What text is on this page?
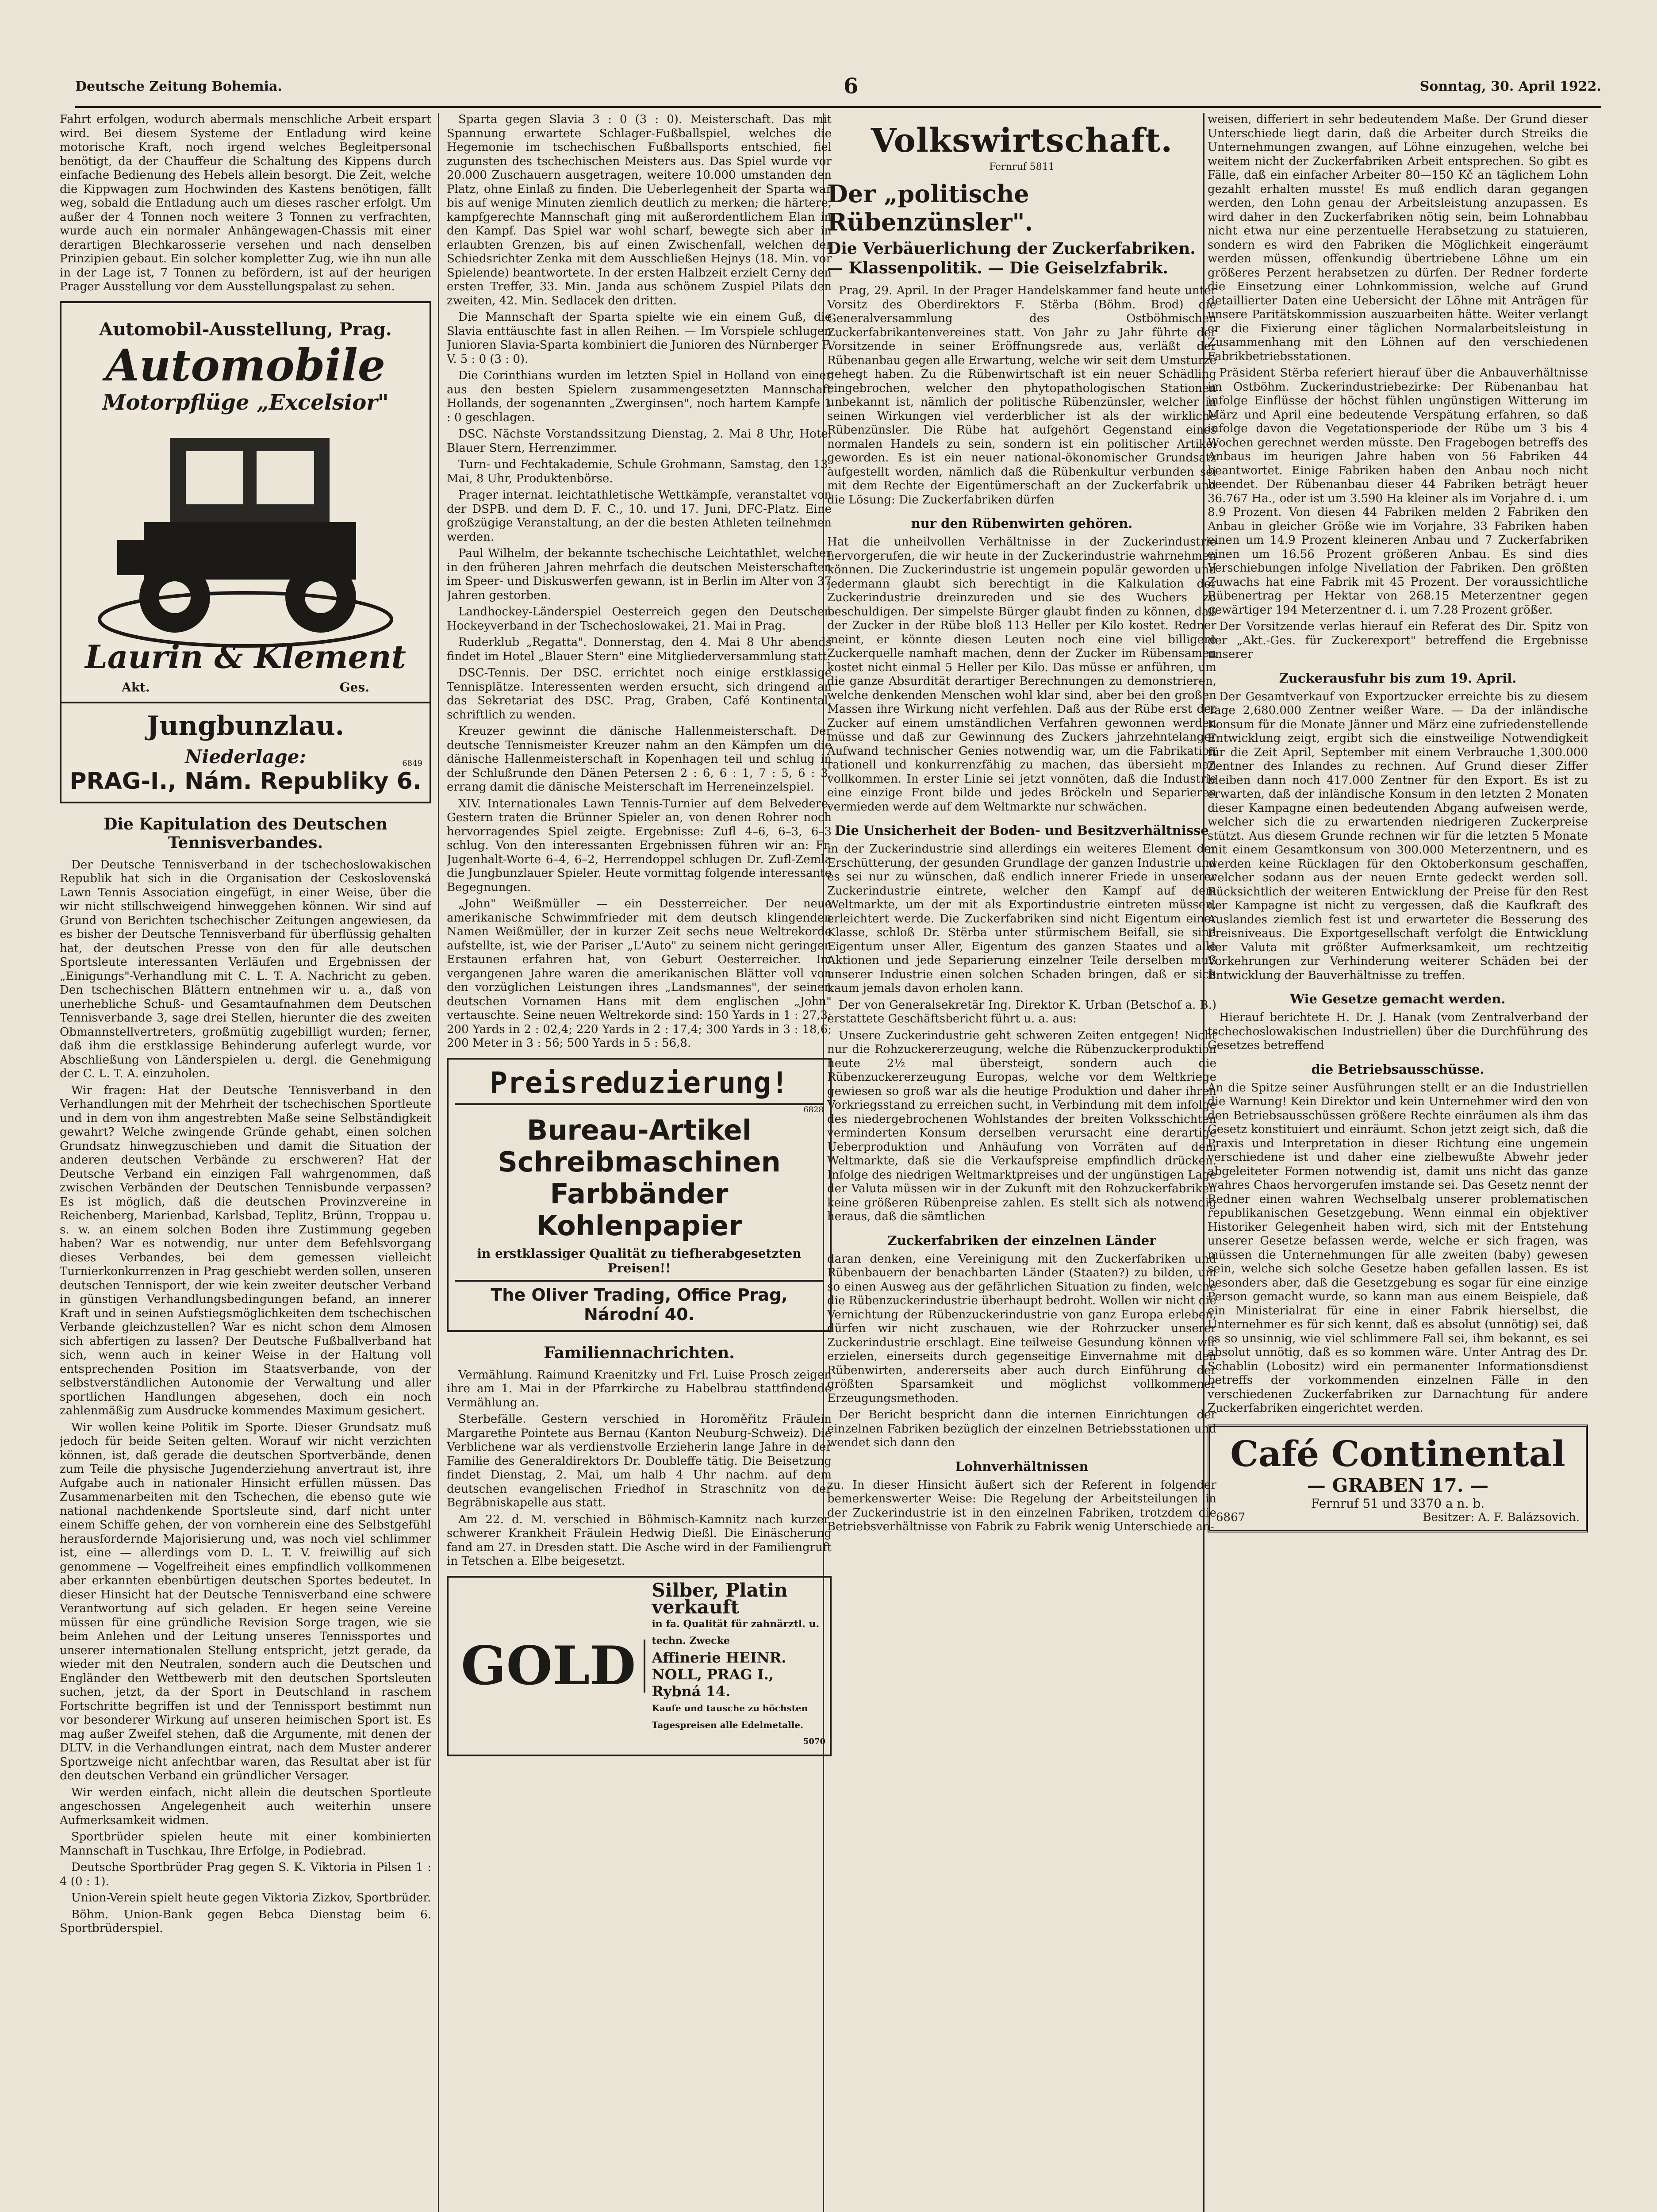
Deutsche Zeitung Bohemia.	6	Sonntag, 30. April 1922.

Fahrt erfolgen, wodurch abermals menschliche Arbeit erspart wird. Bei diesem Systeme der Entladung wird keine motorische Kraft, noch irgend welches Begleitpersonal benötigt, da der Chauffeur die Schaltung des Kippens durch einfache Bedienung des Hebels allein besorgt. Die Zeit, welche die Kippwagen zum Hochwinden des Kastens benötigen, fällt weg, sobald die Entladung auch um dieses rascher erfolgt. Um außer der 4 Tonnen noch weitere 3 Tonnen zu verfrachten, wurde auch ein normaler Anhängewagen-Chassis mit einer derartigen Blechkarosserie versehen und nach denselben Prinzipien gebaut. Ein solcher kompletter Zug, wie ihn nun alle in der Lage ist, 7 Tonnen zu befördern, ist auf der heurigen Prager Ausstellung vor dem Ausstellungspalast zu sehen.

Automobil-Ausstellung, Prag.
Automobile
Motorpflüge „Excelsior"
Laurin & Klement
Akt.	Ges.
Jungbunzlau.
Niederlage:	6849
PRAG-I., Nám. Republiky 6.
Die Kapitulation des Deutschen Tennisverbandes.

Der Deutsche Tennisverband in der tschechoslowakischen Republik hat sich in die Organisation der Ceskoslovenská Lawn Tennis Association eingefügt, in einer Weise, über die wir nicht stillschweigend hinweggehen können. Wir sind auf Grund von Berichten tschechischer Zeitungen angewiesen, da es bisher der Deutsche Tennisverband für überflüssig gehalten hat, der deutschen Presse von den für alle deutschen Sportsleute interessanten Verläufen und Ergebnissen der „Einigungs"-Verhandlung mit C. L. T. A. Nachricht zu geben. Den tschechischen Blättern entnehmen wir u. a., daß von unerhebliche Schuß- und Gesamtaufnahmen dem Deutschen Tennisverbande 3, sage drei Stellen, hierunter die des zweiten Obmannstellvertreters, großmütig zugebilligt wurden; ferner, daß ihm die erstklassige Behinderung auferlegt wurde, vor Abschließung von Länderspielen u. dergl. die Genehmigung der C. L. T. A. einzuholen.

Wir fragen: Hat der Deutsche Tennisverband in den Verhandlungen mit der Mehrheit der tschechischen Sportleute und in dem von ihm angestrebten Maße seine Selbständigkeit gewahrt? Welche zwingende Gründe gehabt, einen solchen Grundsatz hinwegzuschieben und damit die Situation der anderen deutschen Verbände zu erschweren? Hat der Deutsche Verband ein einzigen Fall wahrgenommen, daß zwischen Verbänden der Deutschen Tennisbunde verpassen? Es ist möglich, daß die deutschen Provinzvereine in Reichenberg, Marienbad, Karlsbad, Teplitz, Brünn, Troppau u. s. w. an einem solchen Boden ihre Zustimmung gegeben haben? War es notwendig, nur unter dem Befehlsvorgang dieses Verbandes, bei dem gemessen vielleicht Turnierkonkurrenzen in Prag geschiebt werden sollen, unseren deutschen Tennisport, der wie kein zweiter deutscher Verband in günstigen Verhandlungsbedingungen befand, an innerer Kraft und in seinen Aufstiegsmöglichkeiten dem tschechischen Verbande gleichzustellen? War es nicht schon dem Almosen sich abfertigen zu lassen? Der Deutsche Fußballverband hat sich, wenn auch in keiner Weise in der Haltung voll entsprechenden Position im Staatsverbande, von der selbstverständlichen Autonomie der Verwaltung und aller sportlichen Handlungen abgesehen, doch ein noch zahlenmäßig zum Ausdrucke kommendes Maximum gesichert.

Wir wollen keine Politik im Sporte. Dieser Grundsatz muß jedoch für beide Seiten gelten. Worauf wir nicht verzichten können, ist, daß gerade die deutschen Sportverbände, denen zum Teile die physische Jugenderziehung anvertraut ist, ihre Aufgabe auch in nationaler Hinsicht erfüllen müssen. Das Zusammenarbeiten mit den Tschechen, die ebenso gute wie national nachdenkende Sportsleute sind, darf nicht unter einem Schiffe gehen, der von vornherein eine des Selbstgefühl herausfordernde Majorisierung und, was noch viel schlimmer ist, eine — allerdings vom D. L. T. V. freiwillig auf sich genommene — Vogelfreiheit eines empfindlich vollkommenen aber erkannten ebenbürtigen deutschen Sportes bedeutet. In dieser Hinsicht hat der Deutsche Tennisverband eine schwere Verantwortung auf sich geladen. Er hegen seine Vereine müssen für eine gründliche Revision Sorge tragen, wie sie beim Anlehen und der Leitung unseres Tennissportes und unserer internationalen Stellung entspricht, jetzt gerade, da wieder mit den Neutralen, sondern auch die Deutschen und Engländer den Wettbewerb mit den deutschen Sportsleuten suchen, jetzt, da der Sport in Deutschland in raschem Fortschritte begriffen ist und der Tennissport bestimmt nun vor besonderer Wirkung auf unseren heimischen Sport ist. Es mag außer Zweifel stehen, daß die Argumente, mit denen der DLTV. in die Verhandlungen eintrat, nach dem Muster anderer Sportzweige nicht anfechtbar waren, das Resultat aber ist für den deutschen Verband ein gründlicher Versager.

Wir werden einfach, nicht allein die deutschen Sportleute angeschossen Angelegenheit auch weiterhin unsere Aufmerksamkeit widmen.

Sportbrüder spielen heute mit einer kombinierten Mannschaft in Tuschkau, Ihre Erfolge, in Podiebrad.

Deutsche Sportbrüder Prag gegen S. K. Viktoria in Pilsen 1 : 4 (0 : 1).

Union-Verein spielt heute gegen Viktoria Zizkov, Sportbrüder.

Böhm. Union-Bank gegen Bebca Dienstag beim 6. Sportbrüderspiel.

Sparta gegen Slavia 3 : 0 (3 : 0). Meisterschaft. Das mit Spannung erwartete Schlager-Fußballspiel, welches die Hegemonie im tschechischen Fußballsports entschied, fiel zugunsten des tschechischen Meisters aus. Das Spiel wurde vor 20.000 Zuschauern ausgetragen, weitere 10.000 umstanden den Platz, ohne Einlaß zu finden. Die Ueberlegenheit der Sparta war bis auf wenige Minuten ziemlich deutlich zu merken; die härtere, kampfgerechte Mannschaft ging mit außerordentlichem Elan in den Kampf. Das Spiel war wohl scharf, bewegte sich aber in erlaubten Grenzen, bis auf einen Zwischenfall, welchen der Schiedsrichter Zenka mit dem Ausschließen Hejnys (18. Min. vor Spielende) beantwortete. In der ersten Halbzeit erzielt Cerny den ersten Treffer, 33. Min. Janda aus schönem Zuspiel Pilats den zweiten, 42. Min. Sedlacek den dritten.

Die Mannschaft der Sparta spielte wie ein einem Guß, die Slavia enttäuschte fast in allen Reihen. — Im Vorspiele schlugen Junioren Slavia-Sparta kombiniert die Junioren des Nürnberger F. V. 5 : 0 (3 : 0).

Die Corinthians wurden im letzten Spiel in Holland von einer aus den besten Spielern zusammengesetzten Mannschaft Hollands, der sogenannten „Zwerginsen", noch hartem Kampfe 1 : 0 geschlagen.

DSC. Nächste Vorstandssitzung Dienstag, 2. Mai 8 Uhr, Hotel Blauer Stern, Herrenzimmer.

Turn- und Fechtakademie, Schule Grohmann, Samstag, den 13. Mai, 8 Uhr, Produktenbörse.

Prager internat. leichtathletische Wettkämpfe, veranstaltet von der DSPB. und dem D. F. C., 10. und 17. Juni, DFC-Platz. Eine großzügige Veranstaltung, an der die besten Athleten teilnehmen werden.

Paul Wilhelm, der bekannte tschechische Leichtathlet, welcher in den früheren Jahren mehrfach die deutschen Meisterschaften im Speer- und Diskuswerfen gewann, ist in Berlin im Alter von 37 Jahren gestorben.

Landhockey-Länderspiel Oesterreich gegen den Deutschen Hockeyverband in der Tschechoslowakei, 21. Mai in Prag.

Ruderklub „Regatta". Donnerstag, den 4. Mai 8 Uhr abends findet im Hotel „Blauer Stern" eine Mitgliederversammlung statt.

DSC-Tennis. Der DSC. errichtet noch einige erstklassige Tennisplätze. Interessenten werden ersucht, sich dringend an das Sekretariat des DSC. Prag, Graben, Café Kontinental, schriftlich zu wenden.

Kreuzer gewinnt die dänische Hallenmeisterschaft. Der deutsche Tennismeister Kreuzer nahm an den Kämpfen um die dänische Hallenmeisterschaft in Kopenhagen teil und schlug in der Schlußrunde den Dänen Petersen 2 : 6, 6 : 1, 7 : 5, 6 : 3, errang damit die dänische Meisterschaft im Herreneinzelspiel.

XIV. Internationales Lawn Tennis-Turnier auf dem Belvedere. Gestern traten die Brünner Spieler an, von denen Rohrer noch hervorragendes Spiel zeigte. Ergebnisse: Zufl 4–6, 6–3, 6–3 schlug. Von den interessanten Ergebnissen führen wir an: Fr. Jugenhalt-Worte 6–4, 6–2, Herrendoppel schlugen Dr. Zufl-Zemla die Jungbunzlauer Spieler. Heute vormittag folgende interessante Begegnungen.

„John" Weißmüller — ein Dessterreicher. Der neue amerikanische Schwimmfrieder mit dem deutsch klingenden Namen Weißmüller, der in kurzer Zeit sechs neue Weltrekorde aufstellte, ist, wie der Pariser „L'Auto" zu seinem nicht geringen Erstaunen erfahren hat, von Geburt Oesterreicher. Im vergangenen Jahre waren die amerikanischen Blätter voll von den vorzüglichen Leistungen ihres „Landsmannes", der seinen deutschen Vornamen Hans mit dem englischen „John" vertauschte. Seine neuen Weltrekorde sind: 150 Yards in 1 : 27,3; 200 Yards in 2 : 02,4; 220 Yards in 2 : 17,4; 300 Yards in 3 : 18,6; 200 Meter in 3 : 56; 500 Yards in 5 : 56,8.

Preisreduzierung!
6828
Bureau-Artikel
Schreibmaschinen
Farbbänder
Kohlenpapier
in erstklassiger Qualität zu tiefherabgesetzten Preisen!!
The Oliver Trading, Office Prag, Národní 40.
Familiennachrichten.

Vermählung. Raimund Kraenitzky und Frl. Luise Prosch zeigen ihre am 1. Mai in der Pfarrkirche zu Habelbrau stattfindende Vermählung an.

Sterbefälle. Gestern verschied in Horoměřitz Fräulein Margarethe Pointete aus Bernau (Kanton Neuburg-Schweiz). Die Verblichene war als verdienstvolle Erzieherin lange Jahre in der Familie des Generaldirektors Dr. Doubleffe tätig. Die Beisetzung findet Dienstag, 2. Mai, um halb 4 Uhr nachm. auf dem deutschen evangelischen Friedhof in Straschnitz von der Begräbniskapelle aus statt.

Am 22. d. M. verschied in Böhmisch-Kamnitz nach kurzer, schwerer Krankheit Fräulein Hedwig Dießl. Die Einäscherung fand am 27. in Dresden statt. Die Asche wird in der Familiengruft in Tetschen a. Elbe beigesetzt.

GOLD
Silber, Platin verkauft
in fa. Qualität für zahnärztl. u. techn. Zwecke
Affinerie HEINR. NOLL, PRAG I., Rybná 14.
Kaufe und tausche zu höchsten Tagespreisen alle Edelmetalle.
5070
Volkswirtschaft.
Fernruf 5811
Der „politische Rübenzünsler".
Die Verbäuerlichung der Zuckerfabriken. — Klassenpolitik. — Die Geiselzfabrik.

Prag, 29. April. In der Prager Handelskammer fand heute unter Vorsitz des Oberdirektors F. Stërba (Böhm. Brod) die Generalversammlung des Ostböhmischen Zuckerfabrikantenvereines statt. Von Jahr zu Jahr führte der Vorsitzende in seiner Eröffnungsrede aus, verläßt der Rübenanbau gegen alle Erwartung, welche wir seit dem Umsturze gehegt haben. Zu die Rübenwirtschaft ist ein neuer Schädling eingebrochen, welcher den phytopathologischen Stationen unbekannt ist, nämlich der politische Rübenzünsler, welcher in seinen Wirkungen viel verderblicher ist als der wirkliche Rübenzünsler. Die Rübe hat aufgehört Gegenstand eines normalen Handels zu sein, sondern ist ein politischer Artikel geworden. Es ist ein neuer national-ökonomischer Grundsatz aufgestellt worden, nämlich daß die Rübenkultur verbunden sei mit dem Rechte der Eigentümerschaft an der Zuckerfabrik und die Lösung: Die Zuckerfabriken dürfen

nur den Rübenwirten gehören.

Hat die unheilvollen Verhältnisse in der Zuckerindustrie hervorgerufen, die wir heute in der Zuckerindustrie wahrnehmen können. Die Zuckerindustrie ist ungemein populär geworden und jedermann glaubt sich berechtigt in die Kalkulation der Zuckerindustrie dreinzureden und sie des Wuchers zu beschuldigen. Der simpelste Bürger glaubt finden zu können, daß der Zucker in der Rübe bloß 113 Heller per Kilo kostet. Redner meint, er könnte diesen Leuten noch eine viel billigere Zuckerquelle namhaft machen, denn der Zucker im Rübensamen kostet nicht einmal 5 Heller per Kilo. Das müsse er anführen, um die ganze Absurdität derartiger Berechnungen zu demonstrieren, welche denkenden Menschen wohl klar sind, aber bei den großen Massen ihre Wirkung nicht verfehlen. Daß aus der Rübe erst der Zucker auf einem umständlichen Verfahren gewonnen werden müsse und daß zur Gewinnung des Zuckers jahrzehntelanger Aufwand technischer Genies notwendig war, um die Fabrikation rationell und konkurrenzfähig zu machen, das übersieht man vollkommen. In erster Linie sei jetzt vonnöten, daß die Industrie eine einzige Front bilde und jedes Bröckeln und Separieren vermieden werde auf dem Weltmarkte nur schwächen.

Die Unsicherheit der Boden- und Besitzverhältnisse

in der Zuckerindustrie sind allerdings ein weiteres Element der Erschütterung, der gesunden Grundlage der ganzen Industrie und es sei nur zu wünschen, daß endlich innerer Friede in unserer Zuckerindustrie eintrete, welcher den Kampf auf dem Weltmarkte, um der mit als Exportindustrie eintreten müssen, erleichtert werde. Die Zuckerfabriken sind nicht Eigentum einer Klasse, schloß Dr. Stërba unter stürmischem Beifall, sie sind Eigentum unser Aller, Eigentum des ganzen Staates und alle Aktionen und jede Separierung einzelner Teile derselben muß unserer Industrie einen solchen Schaden bringen, daß er sich kaum jemals davon erholen kann.

Der von Generalsekretär Ing. Direktor K. Urban (Betschof a. B.) erstattete Geschäftsbericht führt u. a. aus:

Unsere Zuckerindustrie geht schweren Zeiten entgegen! Nicht nur die Rohzuckererzeugung, welche die Rübenzuckerproduktion heute 2½ mal übersteigt, sondern auch die Rübenzuckererzeugung Europas, welche vor dem Weltkriege gewiesen so groß war als die heutige Produktion und daher ihren Vorkriegsstand zu erreichen sucht, in Verbindung mit dem infolge des niedergebrochenen Wohlstandes der breiten Volksschichten verminderten Konsum derselben verursacht eine derartige Ueberproduktion und Anhäufung von Vorräten auf dem Weltmarkte, daß sie die Verkaufspreise empfindlich drücken. Infolge des niedrigen Weltmarktpreises und der ungünstigen Lage der Valuta müssen wir in der Zukunft mit den Rohzuckerfabriken keine größeren Rübenpreise zahlen. Es stellt sich als notwendig heraus, daß die sämtlichen

Zuckerfabriken der einzelnen Länder

daran denken, eine Vereinigung mit den Zuckerfabriken und Rübenbauern der benachbarten Länder (Staaten?) zu bilden, um so einen Ausweg aus der gefährlichen Situation zu finden, welche die Rübenzuckerindustrie überhaupt bedroht. Wollen wir nicht die Vernichtung der Rübenzuckerindustrie von ganz Europa erleben, dürfen wir nicht zuschauen, wie der Rohrzucker unserer Zuckerindustrie erschlagt. Eine teilweise Gesundung können wir erzielen, einerseits durch gegenseitige Einvernahme mit den Rübenwirten, andererseits aber auch durch Einführung der größten Sparsamkeit und möglichst vollkommener Erzeugungsmethoden.

Der Bericht bespricht dann die internen Einrichtungen der einzelnen Fabriken bezüglich der einzelnen Betriebsstationen und wendet sich dann den

Lohnverhältnissen

zu. In dieser Hinsicht äußert sich der Referent in folgender bemerkenswerter Weise: Die Regelung der Arbeitsteilungen in der Zuckerindustrie ist in den einzelnen Fabriken, trotzdem die Betriebsverhältnisse von Fabrik zu Fabrik wenig Unterschiede an-

weisen, differiert in sehr bedeutendem Maße. Der Grund dieser Unterschiede liegt darin, daß die Arbeiter durch Streiks die Unternehmungen zwangen, auf Löhne einzugehen, welche bei weitem nicht der Zuckerfabriken Arbeit entsprechen. So gibt es Fälle, daß ein einfacher Arbeiter 80—150 Kč an täglichem Lohn gezahlt erhalten musste! Es muß endlich daran gegangen werden, den Lohn genau der Arbeitsleistung anzupassen. Es wird daher in den Zuckerfabriken nötig sein, beim Lohnabbau nicht etwa nur eine perzentuelle Herabsetzung zu statuieren, sondern es wird den Fabriken die Möglichkeit eingeräumt werden müssen, offenkundig übertriebene Löhne um ein größeres Perzent herabsetzen zu dürfen. Der Redner forderte die Einsetzung einer Lohnkommission, welche auf Grund detaillierter Daten eine Uebersicht der Löhne mit Anträgen für unsere Paritätskommission auszuarbeiten hätte. Weiter verlangt er die Fixierung einer täglichen Normalarbeitsleistung in Zusammenhang mit den Löhnen auf den verschiedenen Fabrikbetriebsstationen.

Präsident Stërba referiert hierauf über die Anbauverhältnisse im Ostböhm. Zuckerindustriebezirke: Der Rübenanbau hat infolge Einflüsse der höchst fühlen ungünstigen Witterung im März und April eine bedeutende Verspätung erfahren, so daß infolge davon die Vegetationsperiode der Rübe um 3 bis 4 Wochen gerechnet werden müsste. Den Fragebogen betreffs des Anbaus im heurigen Jahre haben von 56 Fabriken 44 beantwortet. Einige Fabriken haben den Anbau noch nicht beendet. Der Rübenanbau dieser 44 Fabriken beträgt heuer 36.767 Ha., oder ist um 3.590 Ha kleiner als im Vorjahre d. i. um 8.9 Prozent. Von diesen 44 Fabriken melden 2 Fabriken den Anbau in gleicher Größe wie im Vorjahre, 33 Fabriken haben einen um 14.9 Prozent kleineren Anbau und 7 Zuckerfabriken einen um 16.56 Prozent größeren Anbau. Es sind dies Verschiebungen infolge Nivellation der Fabriken. Den größten Zuwachs hat eine Fabrik mit 45 Prozent. Der voraussichtliche Rübenertrag per Hektar von 268.15 Meterzentner gegen gewärtiger 194 Meterzentner d. i. um 7.28 Prozent größer.

Der Vorsitzende verlas hierauf ein Referat des Dir. Spitz von der „Akt.-Ges. für Zuckerexport" betreffend die Ergebnisse unserer

Zuckerausfuhr bis zum 19. April.

Der Gesamtverkauf von Exportzucker erreichte bis zu diesem Tage 2,680.000 Zentner weißer Ware. — Da der inländische Konsum für die Monate Jänner und März eine zufriedenstellende Entwicklung zeigt, ergibt sich die einstweilige Notwendigkeit für die Zeit April, September mit einem Verbrauche 1,300.000 Zentner des Inlandes zu rechnen. Auf Grund dieser Ziffer bleiben dann noch 417.000 Zentner für den Export. Es ist zu erwarten, daß der inländische Konsum in den letzten 2 Monaten dieser Kampagne einen bedeutenden Abgang aufweisen werde, welcher sich die zu erwartenden niedrigeren Zuckerpreise stützt. Aus diesem Grunde rechnen wir für die letzten 5 Monate mit einem Gesamtkonsum von 300.000 Meterzentnern, und es werden keine Rücklagen für den Oktoberkonsum geschaffen, welcher sodann aus der neuen Ernte gedeckt werden soll. Rücksichtlich der weiteren Entwicklung der Preise für den Rest der Kampagne ist nicht zu vergessen, daß die Kaufkraft des Auslandes ziemlich fest ist und erwarteter die Besserung des Preisniveaus. Die Exportgesellschaft verfolgt die Entwicklung der Valuta mit größter Aufmerksamkeit, um rechtzeitig Vorkehrungen zur Verhinderung weiterer Schäden bei der Entwicklung der Bauverhältnisse zu treffen.

Wie Gesetze gemacht werden.

Hierauf berichtete H. Dr. J. Hanak (vom Zentralverband der tschechoslowakischen Industriellen) über die Durchführung des Gesetzes betreffend

die Betriebsausschüsse.

An die Spitze seiner Ausführungen stellt er an die Industriellen die Warnung! Kein Direktor und kein Unternehmer wird den von den Betriebsausschüssen größere Rechte einräumen als ihm das Gesetz konstituiert und einräumt. Schon jetzt zeigt sich, daß die Praxis und Interpretation in dieser Richtung eine ungemein verschiedene ist und daher eine zielbewußte Abwehr jeder abgeleiteter Formen notwendig ist, damit uns nicht das ganze wahres Chaos hervorgerufen imstande sei. Das Gesetz nennt der Redner einen wahren Wechselbalg unserer problematischen republikanischen Gesetzgebung. Wenn einmal ein objektiver Historiker Gelegenheit haben wird, sich mit der Entstehung unserer Gesetze befassen werde, welche er sich fragen, was müssen die Unternehmungen für alle zweiten (baby) gewesen sein, welche sich solche Gesetze haben gefallen lassen. Es ist besonders aber, daß die Gesetzgebung es sogar für eine einzige Person gemacht wurde, so kann man aus einem Beispiele, daß ein Ministerialrat für eine in einer Fabrik hierselbst, die Unternehmer es für sich kennt, daß es absolut (unnötig) sei, daß es so unsinnig, wie viel schlimmere Fall sei, ihm bekannt, es sei absolut unnötig, daß es so kommen wäre. Unter Antrag des Dr. Schablin (Lobositz) wird ein permanenter Informationsdienst betreffs der vorkommenden einzelnen Fälle in den verschiedenen Zuckerfabriken zur Darnachtung für andere Zuckerfabriken eingerichtet werden.

Café Continental
— GRABEN 17. —
Fernruf 51 und 3370 a n. b.
6867	Besitzer: A. F. Balázsovich.
